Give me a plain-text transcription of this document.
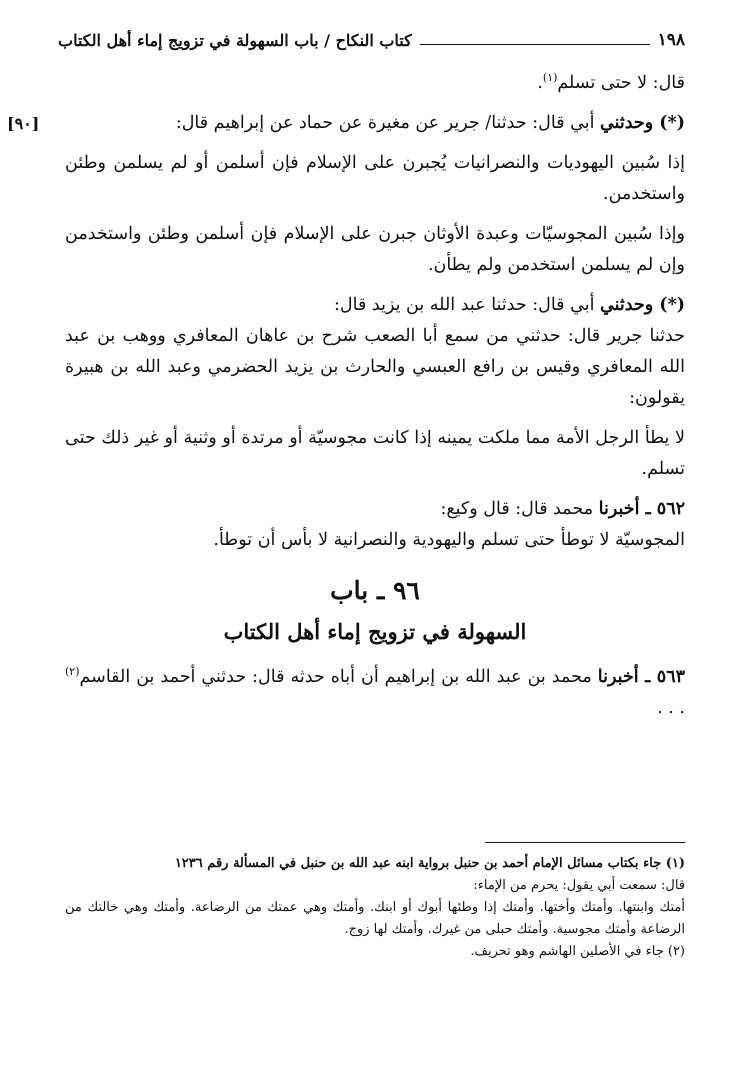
١٩٨
كتاب النكاح / باب السهولة في تزويج إماء أهل الكتاب

قال: لا حتى تسلم$^{(١)}$.

[٩٠]	(*) وحدثني أبي قال: حدثنا/ جرير عن مغيرة عن حماد عن إبراهيم قال:

إذا سُبين اليهوديات والنصرانيات يُجبرن على الإسلام فإن أسلمن أو لم يسلمن وطئن واستخدمن.

وإذا سُبين المجوسيّات وعبدة الأوثان جبرن على الإسلام فإن أسلمن وطئن واستخدمن وإن لم يسلمن استخدمن ولم يطأن.

(*) وحدثني أبي قال: حدثنا عبد الله بن يزيد قال:

حدثنا جرير قال: حدثني من سمع أبا الصعب شرح بن عاهان المعافري ووهب بن عبد الله المعافري وقيس بن رافع العبسي والحارث بن يزيد الحضرمي وعبد الله بن هبيرة يقولون:

لا يطأ الرجل الأمة مما ملكت يمينه إذا كانت مجوسيّة أو مرتدة أو وثنية أو غير ذلك حتى تسلم.

٥٦٢ ـ أخبرنا محمد قال: قال وكيع:

المجوسيّة لا توطأ حتى تسلم واليهودية والنصرانية لا بأس أن توطأ.

٩٦ ـ باب
السهولة في تزويج إماء أهل الكتاب

٥٦٣ ـ أخبرنا محمد بن عبد الله بن إبراهيم أن أباه حدثه قال: حدثني أحمد بن القاسم$^{(٢)}$ . . .

(١) جاء بكتاب مسائل الإمام أحمد بن حنبل برواية ابنه عبد الله بن حنبل في المسألة رقم ١٢٣٦

قال: سمعت أبي يقول: يحرم من الإماء:

أمتك وابنتها. وأمتك وأختها. وأمتك إذا وطئها أبوك أو ابنك. وأمتك وهي عمتك من الرضاعة. وأمتك وهي خالتك من الرضاعة وأمتك مجوسية. وأمتك حبلى من غيرك. وأمتك لها زوج.

(٢) جاء في الأصلين الهاشم وهو تحريف.
